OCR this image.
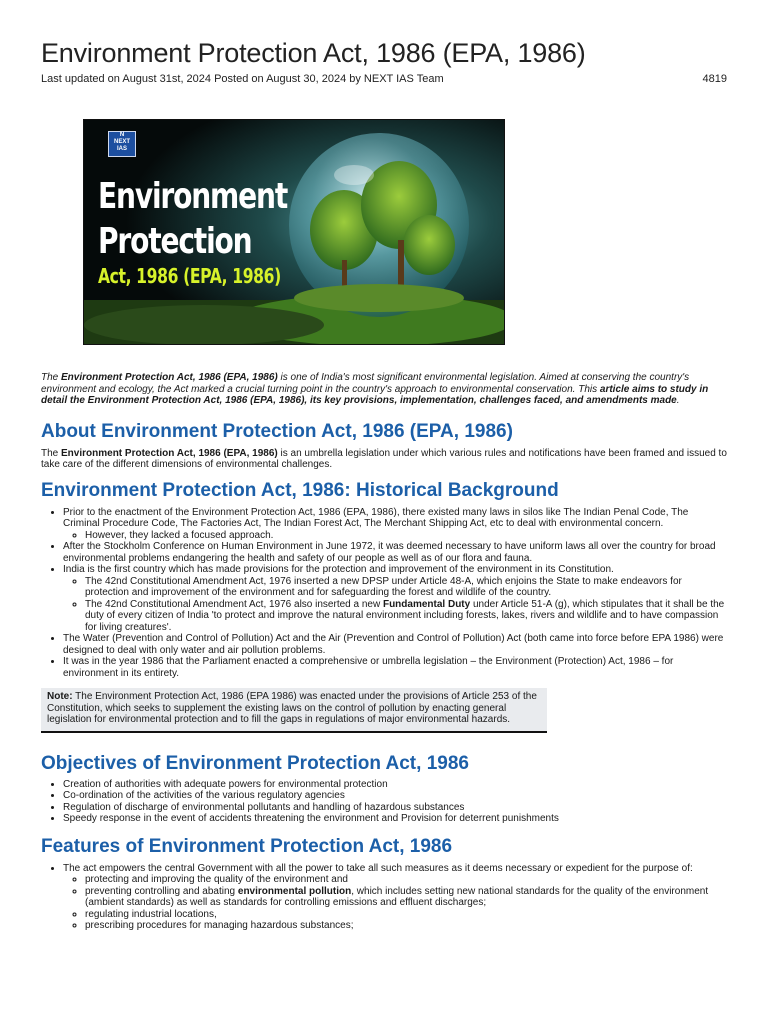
Environment Protection Act, 1986 (EPA, 1986)
Last updated on August 31st, 2024 Posted on August 30, 2024 by NEXT IAS Team	4819
N
NEXT
IAS
Environment
Protection
Act, 1986 (EPA, 1986)

The Environment Protection Act, 1986 (EPA, 1986) is one of India's most significant environmental legislation. Aimed at conserving the country's environment and ecology, the Act marked a crucial turning point in the country's approach to environmental conservation. This article aims to study in detail the Environment Protection Act, 1986 (EPA, 1986), its key provisions, implementation, challenges faced, and amendments made.

About Environment Protection Act, 1986 (EPA, 1986)

The Environment Protection Act, 1986 (EPA, 1986) is an umbrella legislation under which various rules and notifications have been framed and issued to take care of the different dimensions of environmental challenges.

Environment Protection Act, 1986: Historical Background
• Prior to the enactment of the Environment Protection Act, 1986 (EPA, 1986), there existed many laws in silos like The Indian Penal Code, The Criminal Procedure Code, The Factories Act, The Indian Forest Act, The Merchant Shipping Act, etc to deal with environmental concern.
◦ However, they lacked a focused approach.
• After the Stockholm Conference on Human Environment in June 1972, it was deemed necessary to have uniform laws all over the country for broad environmental problems endangering the health and safety of our people as well as of our flora and fauna.
• India is the first country which has made provisions for the protection and improvement of the environment in its Constitution.
◦ The 42nd Constitutional Amendment Act, 1976 inserted a new DPSP under Article 48-A, which enjoins the State to make endeavors for protection and improvement of the environment and for safeguarding the forest and wildlife of the country.
◦ The 42nd Constitutional Amendment Act, 1976 also inserted a new Fundamental Duty under Article 51-A (g), which stipulates that it shall be the duty of every citizen of India 'to protect and improve the natural environment including forests, lakes, rivers and wildlife and to have compassion for living creatures'.
• The Water (Prevention and Control of Pollution) Act and the Air (Prevention and Control of Pollution) Act (both came into force before EPA 1986) were designed to deal with only water and air pollution problems.
• It was in the year 1986 that the Parliament enacted a comprehensive or umbrella legislation – the Environment (Protection) Act, 1986 – for environment in its entirety.
Note: The Environment Protection Act, 1986 (EPA 1986) was enacted under the provisions of Article 253 of the Constitution, which seeks to supplement the existing laws on the control of pollution by enacting general legislation for environmental protection and to fill the gaps in regulations of major environmental hazards.
Objectives of Environment Protection Act, 1986
• Creation of authorities with adequate powers for environmental protection
• Co-ordination of the activities of the various regulatory agencies
• Regulation of discharge of environmental pollutants and handling of hazardous substances
• Speedy response in the event of accidents threatening the environment and Provision for deterrent punishments
Features of Environment Protection Act, 1986
• The act empowers the central Government with all the power to take all such measures as it deems necessary or expedient for the purpose of:
◦ protecting and improving the quality of the environment and
◦ preventing controlling and abating environmental pollution, which includes setting new national standards for the quality of the environment (ambient standards) as well as standards for controlling emissions and effluent discharges;
◦ regulating industrial locations,
◦ prescribing procedures for managing hazardous substances;
